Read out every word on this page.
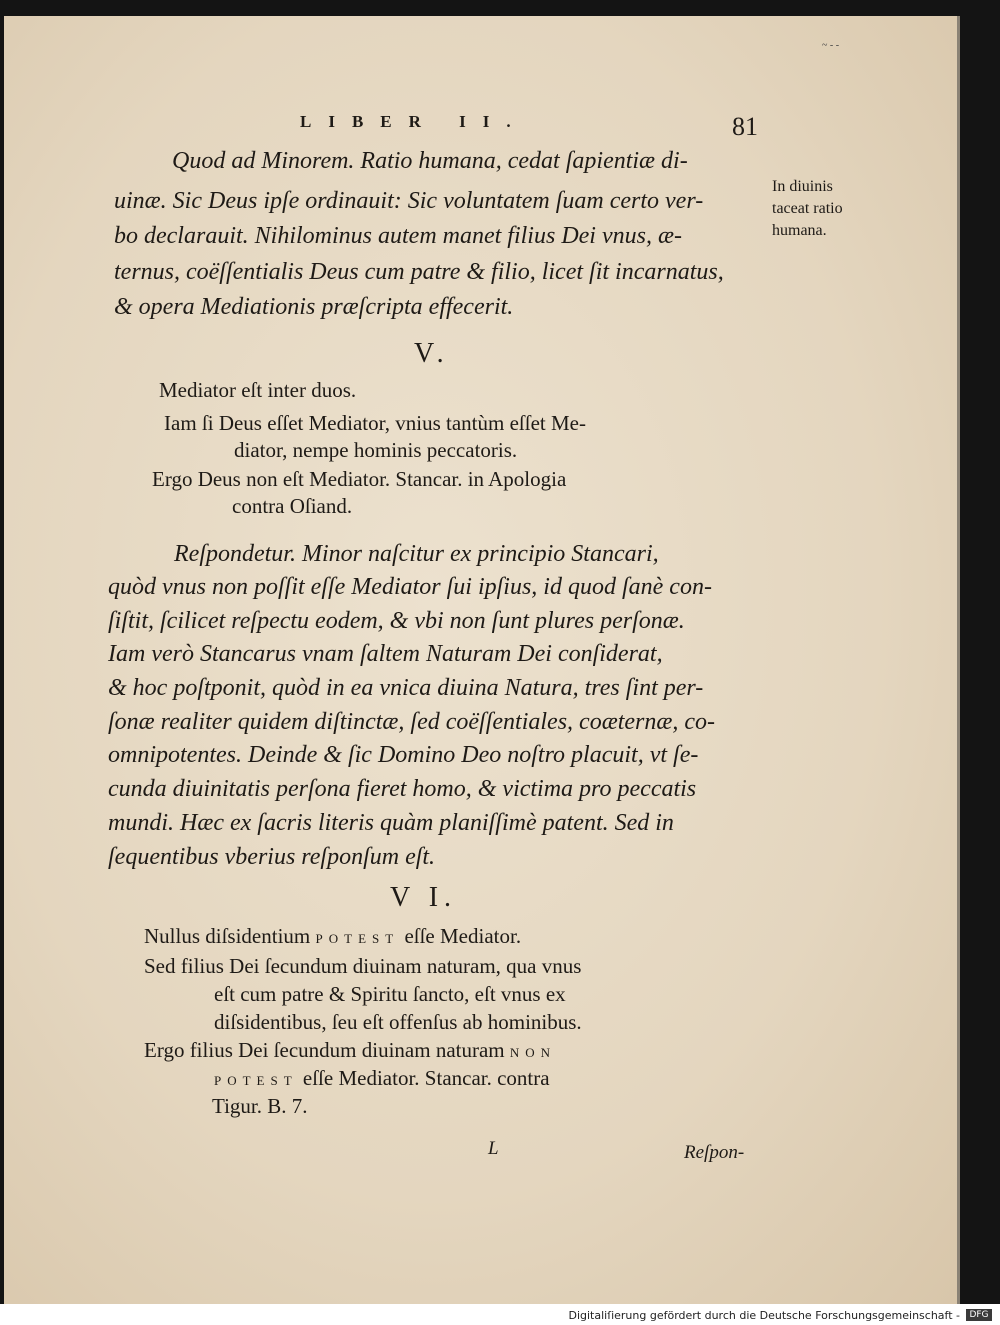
~ - -
LIBER II.	81
Quod ad Minorem. Ratio humana, cedat ſapientiæ di-
uinæ. Sic Deus ipſe ordinauit: Sic voluntatem ſuam certo ver-
bo declarauit. Nihilominus autem manet filius Dei vnus, æ-
ternus, coëſſentialis Deus cum patre & filio, licet ſit incarnatus,
& opera Mediationis præſcripta effecerit.
In diuinis
taceat ratio
humana.
V.
Mediator eſt inter duos.
Iam ſi Deus eſſet Mediator, vnius tantùm eſſet Me-
diator, nempe hominis peccatoris.
Ergo Deus non eſt Mediator. Stancar. in Apologia
contra Oſiand.
Reſpondetur. Minor naſcitur ex principio Stancari,
quòd vnus non poſſit eſſe Mediator ſui ipſius, id quod ſanè con-
ſiſtit, ſcilicet reſpectu eodem, & vbi non ſunt plures perſonæ.
Iam verò Stancarus vnam ſaltem Naturam Dei conſiderat,
& hoc poſtponit, quòd in ea vnica diuina Natura, tres ſint per-
ſonæ realiter quidem diſtinctæ, ſed coëſſentiales, coæternæ, co-
omnipotentes. Deinde & ſic Domino Deo noſtro placuit, vt ſe-
cunda diuinitatis perſona fieret homo, & victima pro peccatis
mundi. Hæc ex ſacris literis quàm planiſſimè patent. Sed in
ſequentibus vberius reſponſum eſt.
V I.
Nullus diſsidentium POTEST eſſe Mediator.
Sed filius Dei ſecundum diuinam naturam, qua vnus
eſt cum patre & Spiritu ſancto, eſt vnus ex
diſsidentibus, ſeu eſt offenſus ab hominibus.
Ergo filius Dei ſecundum diuinam naturam NON
POTEST eſſe Mediator. Stancar. contra
Tigur. B. 7.
L	Reſpon-
Digitaliſierung gefördert durch die Deutsche Forschungsgemeinschaft -	DFG
